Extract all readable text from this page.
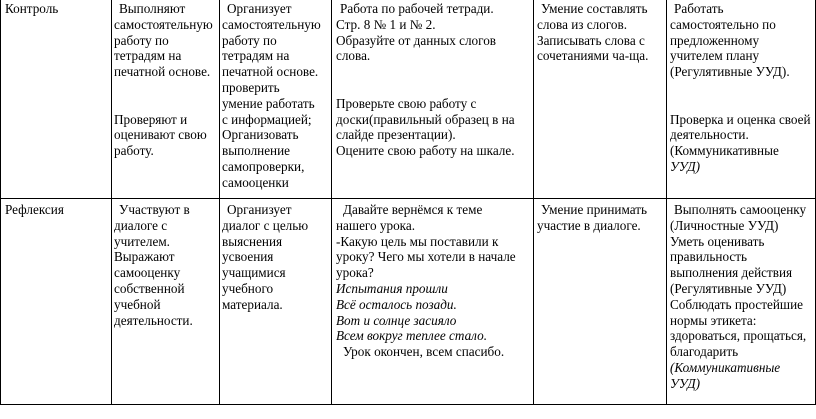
Контроль	Выполняют
самостоятельную
работу по
тетрадям на
печатной основе.
Проверяют и
оценивают свою
работу.
Организует
самостоятельную
работу по
тетрадям на
печатной основе.
проверить
умение работать
с информацией;
Организовать
выполнение
самопроверки,
самооценки
Работа по рабочей тетради.
Стр. 8 № 1 и № 2.
Образуйте от данных слогов
слова.
Проверьте свою работу с
доски(правильный образец в на
слайде презентации).
Оцените свою работу на шкале.
Умение составлять
слова из слогов.
Записывать слова с
сочетаниями ча-ща.
Работать
самостоятельно по
предложенному
учителем плану
(Регулятивные УУД).
Проверка и оценка своей
деятельности.
(Коммуникативные
УУД)
Рефлексия	Участвуют в
диалоге с
учителем.
Выражают
самооценку
собственной
учебной
деятельности.
Организует
диалог с целью
выяснения
усвоения
учащимися
учебного
материала.
Давайте вернёмся к теме
нашего урока.
-Какую цель мы поставили к
уроку? Чего мы хотели в начале
урока?
Испытания прошли
Всё осталось позади.
Вот и солнце засияло
Всем вокруг теплее стало.
Урок окончен, всем спасибо.
Умение принимать
участие в диалоге.
Выполнять самооценку
(Личностные УУД)
Уметь оценивать
правильность
выполнения действия
(Регулятивные УУД)
Соблюдать простейшие
нормы этикета:
здороваться, прощаться,
благодарить
(Коммуникативные
УУД)
